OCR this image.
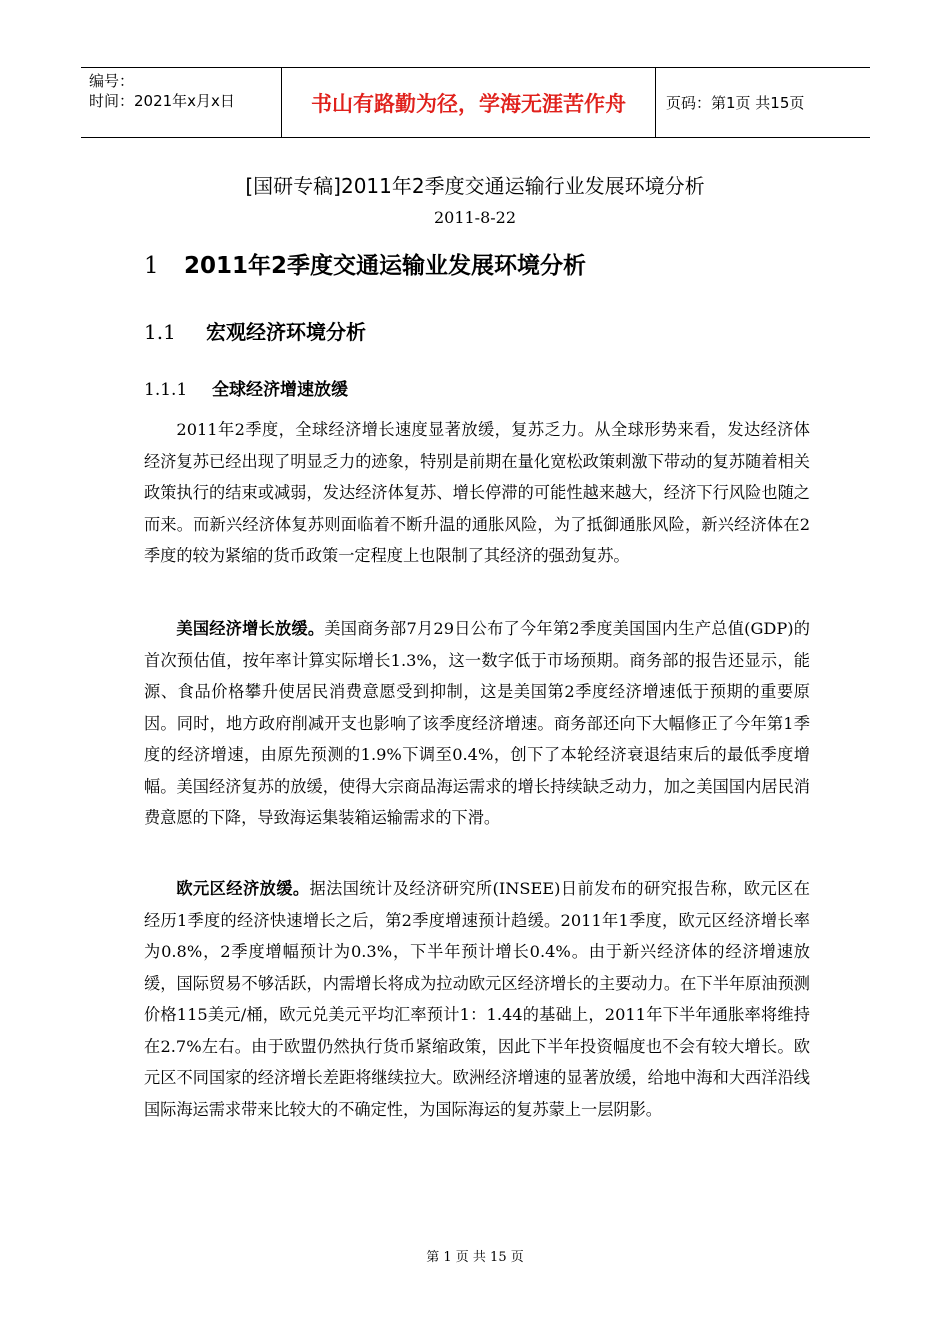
编号：
时间：2021年x月x日	书山有路勤为径，学海无涯苦作舟	页码：第1页 共15页
[国研专稿]2011年2季度交通运输行业发展环境分析
2011-8-22
1 2011年2季度交通运输业发展环境分析
1.1 宏观经济环境分析
1.1.1 全球经济增速放缓

2011年2季度，全球经济增长速度显著放缓，复苏乏力。从全球形势来看，发达经济体经济复苏已经出现了明显乏力的迹象，特别是前期在量化宽松政策刺激下带动的复苏随着相关政策执行的结束或减弱，发达经济体复苏、增长停滞的可能性越来越大，经济下行风险也随之而来。而新兴经济体复苏则面临着不断升温的通胀风险，为了抵御通胀风险，新兴经济体在2季度的较为紧缩的货币政策一定程度上也限制了其经济的强劲复苏。

美国经济增长放缓。美国商务部7月29日公布了今年第2季度美国国内生产总值(GDP)的首次预估值，按年率计算实际增长1.3%，这一数字低于市场预期。商务部的报告还显示，能源、食品价格攀升使居民消费意愿受到抑制，这是美国第2季度经济增速低于预期的重要原因。同时，地方政府削减开支也影响了该季度经济增速。商务部还向下大幅修正了今年第1季度的经济增速，由原先预测的1.9%下调至0.4%，创下了本轮经济衰退结束后的最低季度增幅。美国经济复苏的放缓，使得大宗商品海运需求的增长持续缺乏动力，加之美国国内居民消费意愿的下降，导致海运集装箱运输需求的下滑。

欧元区经济放缓。据法国统计及经济研究所(INSEE)日前发布的研究报告称，欧元区在经历1季度的经济快速增长之后，第2季度增速预计趋缓。2011年1季度，欧元区经济增长率为0.8%，2季度增幅预计为0.3%，下半年预计增长0.4%。由于新兴经济体的经济增速放缓，国际贸易不够活跃，内需增长将成为拉动欧元区经济增长的主要动力。在下半年原油预测价格115美元/桶，欧元兑美元平均汇率预计1：1.44的基础上，2011年下半年通胀率将维持在2.7%左右。由于欧盟仍然执行货币紧缩政策，因此下半年投资幅度也不会有较大增长。欧元区不同国家的经济增长差距将继续拉大。欧洲经济增速的显著放缓，给地中海和大西洋沿线国际海运需求带来比较大的不确定性，为国际海运的复苏蒙上一层阴影。

第 1 页 共 15 页
